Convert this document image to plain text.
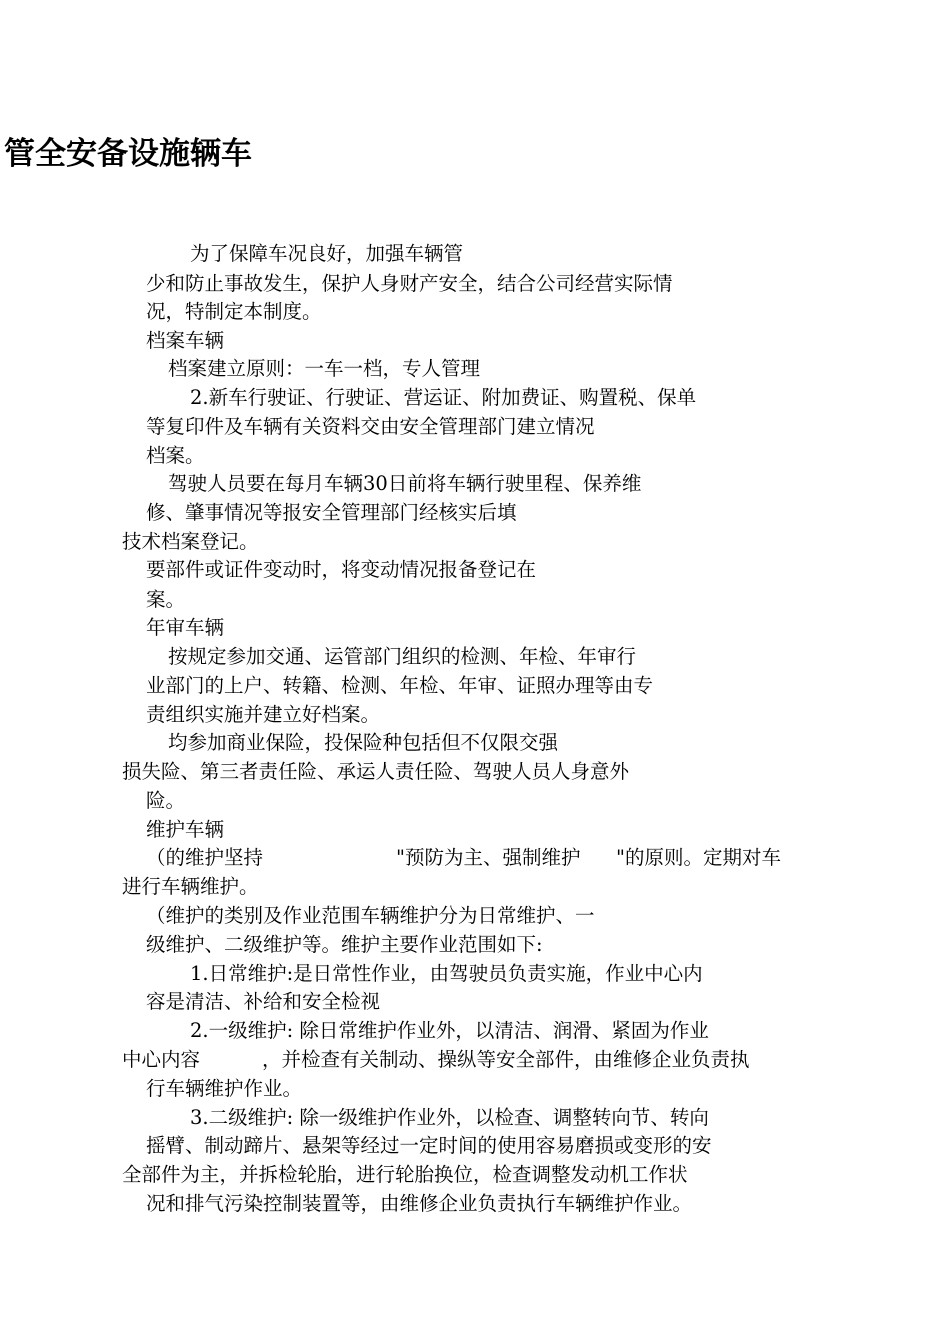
管全安备设施辆车

为了保障车况良好，加强车辆管

少和防止事故发生，保护人身财产安全，结合公司经营实际情

况，特制定本制度。

档案车辆

档案建立原则：一车一档，专人管理

2.新车行驶证、行驶证、营运证、附加费证、购置税、保单

等复印件及车辆有关资料交由安全管理部门建立情况

档案。

驾驶人员要在每月车辆30日前将车辆行驶里程、保养维

修、肇事情况等报安全管理部门经核实后填

技术档案登记。

要部件或证件变动时，将变动情况报备登记在

案。

年审车辆

按规定参加交通、运管部门组织的检测、年检、年审行

业部门的上户、转籍、检测、年检、年审、证照办理等由专

责组织实施并建立好档案。

均参加商业保险，投保险种包括但不仅限交强

损失险、第三者责任险、承运人责任险、驾驶人员人身意外

险。

维护车辆

（的维护坚持	"预防为主、强制维护 "的原则。定期对车

进行车辆维护。

（维护的类别及作业范围车辆维护分为日常维护、一

级维护、二级维护等。维护主要作业范围如下:

1.日常维护:是日常性作业，由驾驶员负责实施，作业中心内

容是清洁、补给和安全检视

2.一级维护: 除日常维护作业外，以清洁、润滑、紧固为作业

中心内容	，并检查有关制动、操纵等安全部件，由维修企业负责执

行车辆维护作业。

3.二级维护: 除一级维护作业外，以检查、调整转向节、转向

摇臂、制动蹄片、悬架等经过一定时间的使用容易磨损或变形的安

全部件为主，并拆检轮胎，进行轮胎换位，检查调整发动机工作状

况和排气污染控制装置等，由维修企业负责执行车辆维护作业。
